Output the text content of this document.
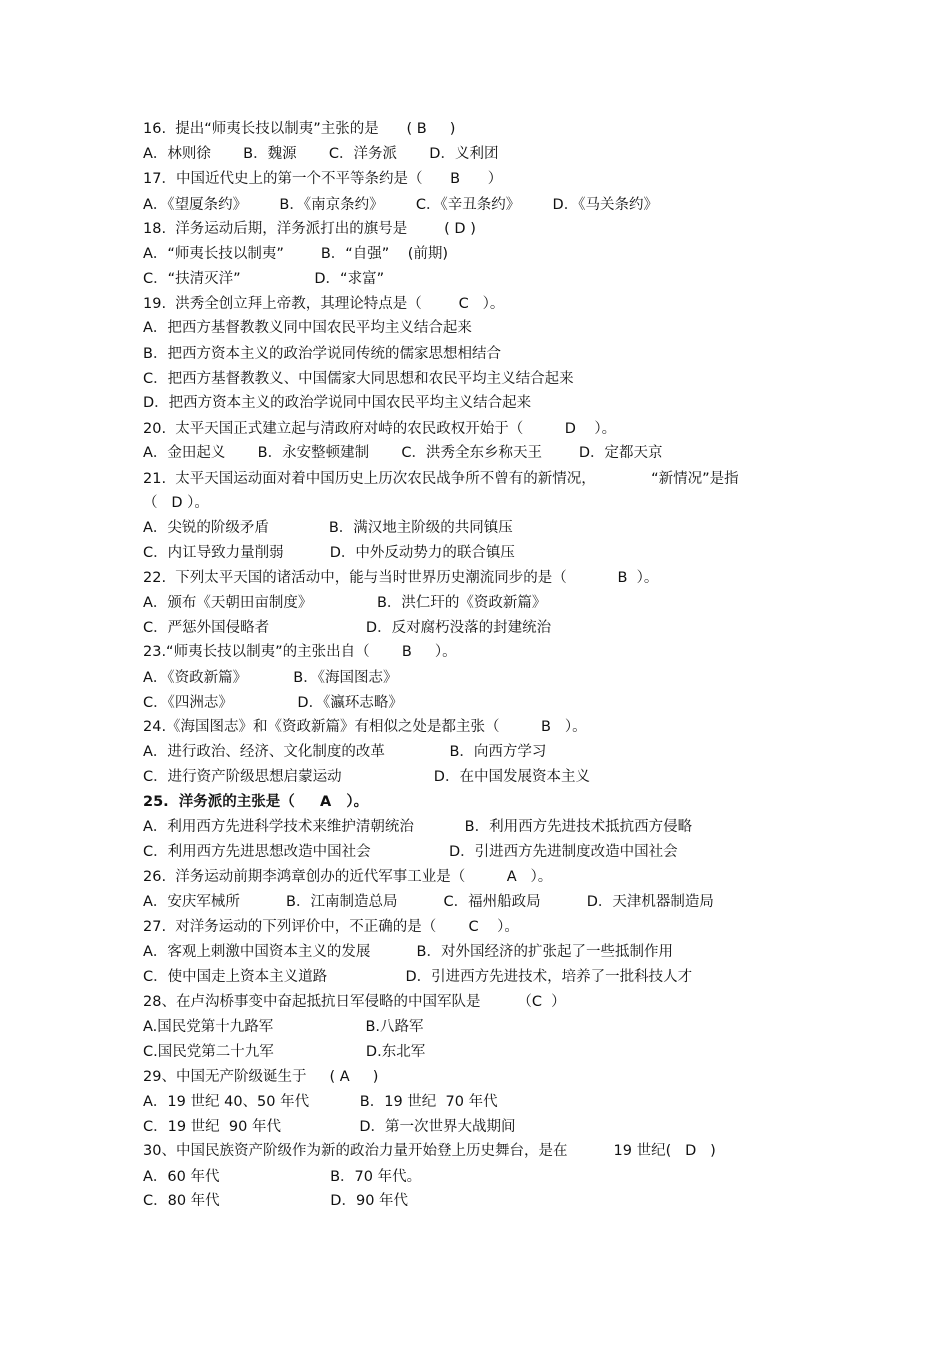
16.  提出“师夷长技以制夷”主张的是      ( B     )
A．林则徐       B．魏源       C．洋务派       D．义利团
17．中国近代史上的第一个不平等条约是（      B      ）
A．《望厦条约》       B．《南京条约》       C．《辛丑条约》       D．《马关条约》
18.  洋务运动后期，洋务派打出的旗号是        ( D )
A．“师夷长技以制夷”        B．“自强”    (前期)
C．“扶清灭洋”                D．“求富”
19.  洪秀全创立拜上帝教，其理论特点是（        C   ）。
A．把西方基督教教义同中国农民平均主义结合起来
B．把西方资本主义的政治学说同传统的儒家思想相结合
C．把西方基督教教义、中国儒家大同思想和农民平均主义结合起来
D．把西方资本主义的政治学说同中国农民平均主义结合起来
20.  太平天国正式建立起与清政府对峙的农民政权开始于（         D    ）。
A．金田起义       B．永安整顿建制       C．洪秀全东乡称天王        D．定都天京
21.  太平天国运动面对着中国历史上历次农民战争所不曾有的新情况，            “新情况”是指
（   D ）。
A．尖锐的阶级矛盾             B．满汉地主阶级的共同镇压
C．内讧导致力量削弱          D．中外反动势力的联合镇压
22.  下列太平天国的诸活动中，能与当时世界历史潮流同步的是（           B  ）。
A．颁布《天朝田亩制度》              B．洪仁玕的《资政新篇》
C．严惩外国侵略者                     D．反对腐朽没落的封建统治
23.“师夷长技以制夷”的主张出自（       B     ）。
A．《资政新篇》          B．《海国图志》
C．《四洲志》              D．《瀛环志略》
24.《海国图志》和《资政新篇》有相似之处是都主张（         B   ）。
A．进行政治、经济、文化制度的改革              B．向西方学习
C．进行资产阶级思想启蒙运动                    D．在中国发展资本主义
25.  洋务派的主张是（     A   ）。
A．利用西方先进科学技术来维护清朝统治           B．利用西方先进技术抵抗西方侵略
C．利用西方先进思想改造中国社会                 D．引进西方先进制度改造中国社会
26.  洋务运动前期李鸿章创办的近代军事工业是（         A   ）。
A．安庆军械所          B．江南制造总局          C．福州船政局          D．天津机器制造局
27.  对洋务运动的下列评价中，不正确的是（       C    ）。
A．客观上刺激中国资本主义的发展          B．对外国经济的扩张起了一些抵制作用
C．使中国走上资本主义道路                 D．引进西方先进技术，培养了一批科技人才
28、在卢沟桥事变中奋起抵抗日军侵略的中国军队是        （C  ）
A.国民党第十九路军                    B.八路军
C.国民党第二十九军                    D.东北军
29、中国无产阶级诞生于     ( A     )
A．19 世纪 40、50 年代           B．19 世纪  70 年代
C．19 世纪  90 年代                 D．第一次世界大战期间
30、中国民族资产阶级作为新的政治力量开始登上历史舞台，是在          19 世纪(   D   )
A．60 年代                        B．70 年代。
C．80 年代                        D．90 年代
